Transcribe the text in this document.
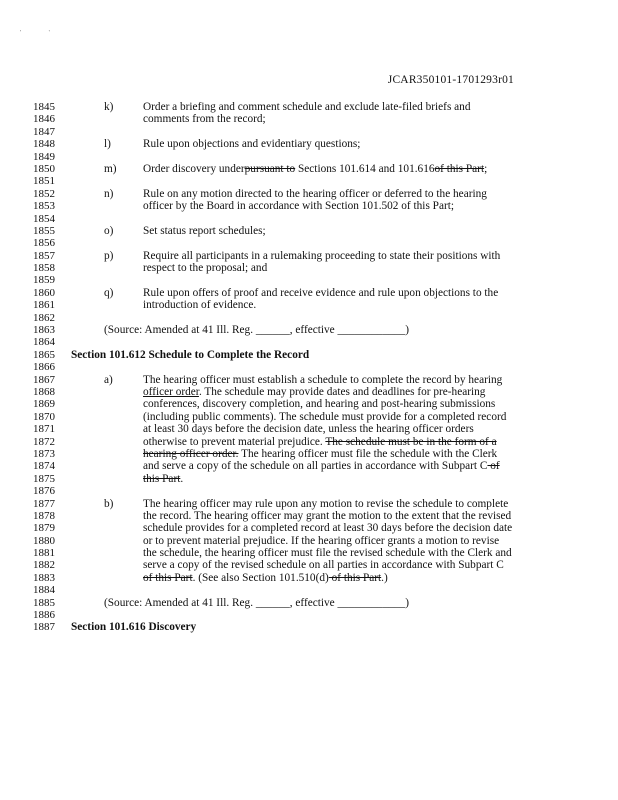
'	'
JCAR350101-1701293r01
1845	k)	Order a briefing and comment schedule and exclude late-filed briefs and
1846	comments from the record;
1847
1848	l)	Rule upon objections and evidentiary questions;
1849
1850	m) Order discovery underpursuant to Sections 101.614 and 101.616of this Part;
1851
1852	n)	Rule on any motion directed to the hearing officer or deferred to the hearing
1853	officer by the Board in accordance with Section 101.502 of this Part;
1854
1855	o)	Set status report schedules;
1856
1857	p)	Require all participants in a rulemaking proceeding to state their positions with
1858	respect to the proposal; and
1859
1860	q)	Rule upon offers of proof and receive evidence and rule upon objections to the
1861	introduction of evidence.
1862
1863	(Source: Amended at 41 Ill. Reg. ______, effective ____________)
1864
1865	Section 101.612 Schedule to Complete the Record
1866
1867	a)	The hearing officer must establish a schedule to complete the record by hearing
1868	officer order. The schedule may provide dates and deadlines for pre-hearing
1869	conferences, discovery completion, and hearing and post-hearing submissions
1870	(including public comments). The schedule must provide for a completed record
1871	at least 30 days before the decision date, unless the hearing officer orders
1872	otherwise to prevent material prejudice. The schedule must be in the form of a
1873	hearing officer order. The hearing officer must file the schedule with the Clerk
1874	and serve a copy of the schedule on all parties in accordance with Subpart C of
1875	this Part.
1876
1877	b)	The hearing officer may rule upon any motion to revise the schedule to complete
1878	the record. The hearing officer may grant the motion to the extent that the revised
1879	schedule provides for a completed record at least 30 days before the decision date
1880	or to prevent material prejudice. If the hearing officer grants a motion to revise
1881	the schedule, the hearing officer must file the revised schedule with the Clerk and
1882	serve a copy of the revised schedule on all parties in accordance with Subpart C
1883	of this Part. (See also Section 101.510(d) of this Part.)
1884
1885	(Source: Amended at 41 Ill. Reg. ______, effective ____________)
1886
1887	Section 101.616 Discovery
